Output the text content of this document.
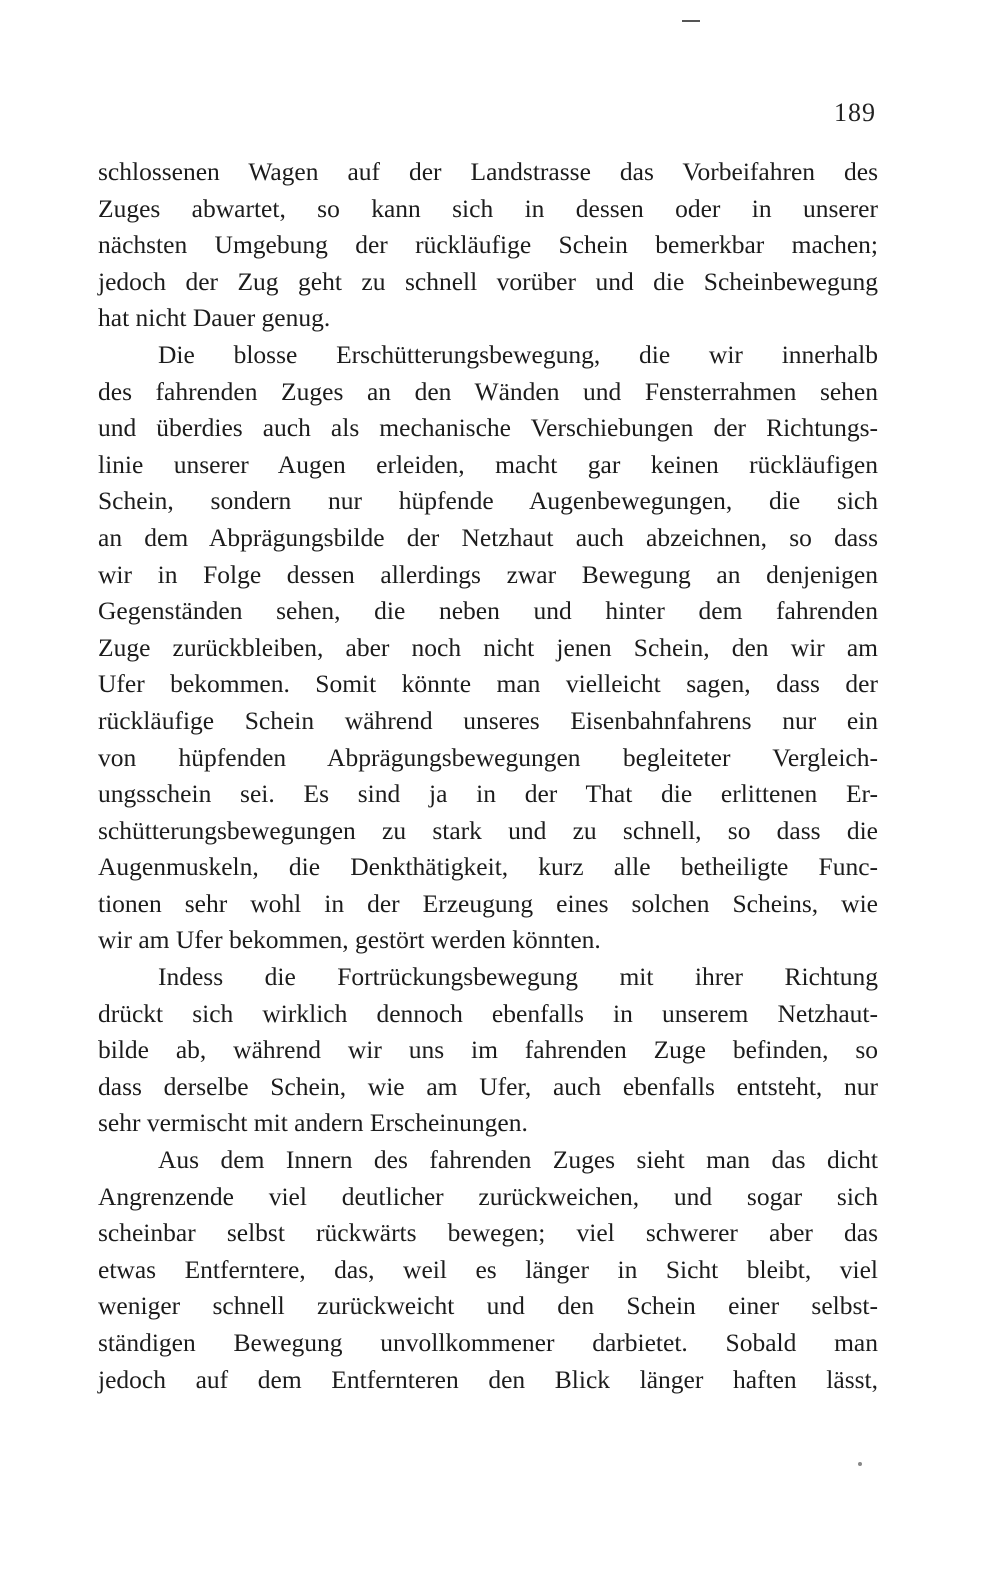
189
schlossenen Wagen auf der Landstrasse das Vorbeifahren des
Zuges abwartet, so kann sich in dessen oder in unserer
nächsten Umgebung der rückläufige Schein bemerkbar machen;
jedoch der Zug geht zu schnell vorüber und die Scheinbewegung
hat nicht Dauer genug.
Die blosse Erschütterungsbewegung, die wir innerhalb
des fahrenden Zuges an den Wänden und Fensterrahmen sehen
und überdies auch als mechanische Verschiebungen der Richtungs-
linie unserer Augen erleiden, macht gar keinen rückläufigen
Schein, sondern nur hüpfende Augenbewegungen, die sich
an dem Abprägungsbilde der Netzhaut auch abzeichnen, so dass
wir in Folge dessen allerdings zwar Bewegung an denjenigen
Gegenständen sehen, die neben und hinter dem fahrenden
Zuge zurückbleiben, aber noch nicht jenen Schein, den wir am
Ufer bekommen. Somit könnte man vielleicht sagen, dass der
rückläufige Schein während unseres Eisenbahnfahrens nur ein
von hüpfenden Abprägungsbewegungen begleiteter Vergleich-
ungsschein sei. Es sind ja in der That die erlittenen Er-
schütterungsbewegungen zu stark und zu schnell, so dass die
Augenmuskeln, die Denkthätigkeit, kurz alle betheiligte Func-
tionen sehr wohl in der Erzeugung eines solchen Scheins, wie
wir am Ufer bekommen, gestört werden könnten.
Indess die Fortrückungsbewegung mit ihrer Richtung
drückt sich wirklich dennoch ebenfalls in unserem Netzhaut-
bilde ab, während wir uns im fahrenden Zuge befinden, so
dass derselbe Schein, wie am Ufer, auch ebenfalls entsteht, nur
sehr vermischt mit andern Erscheinungen.
Aus dem Innern des fahrenden Zuges sieht man das dicht
Angrenzende viel deutlicher zurückweichen, und sogar sich
scheinbar selbst rückwärts bewegen; viel schwerer aber das
etwas Entferntere, das, weil es länger in Sicht bleibt, viel
weniger schnell zurückweicht und den Schein einer selbst-
ständigen Bewegung unvollkommener darbietet. Sobald man
jedoch auf dem Entfernteren den Blick länger haften lässt,
